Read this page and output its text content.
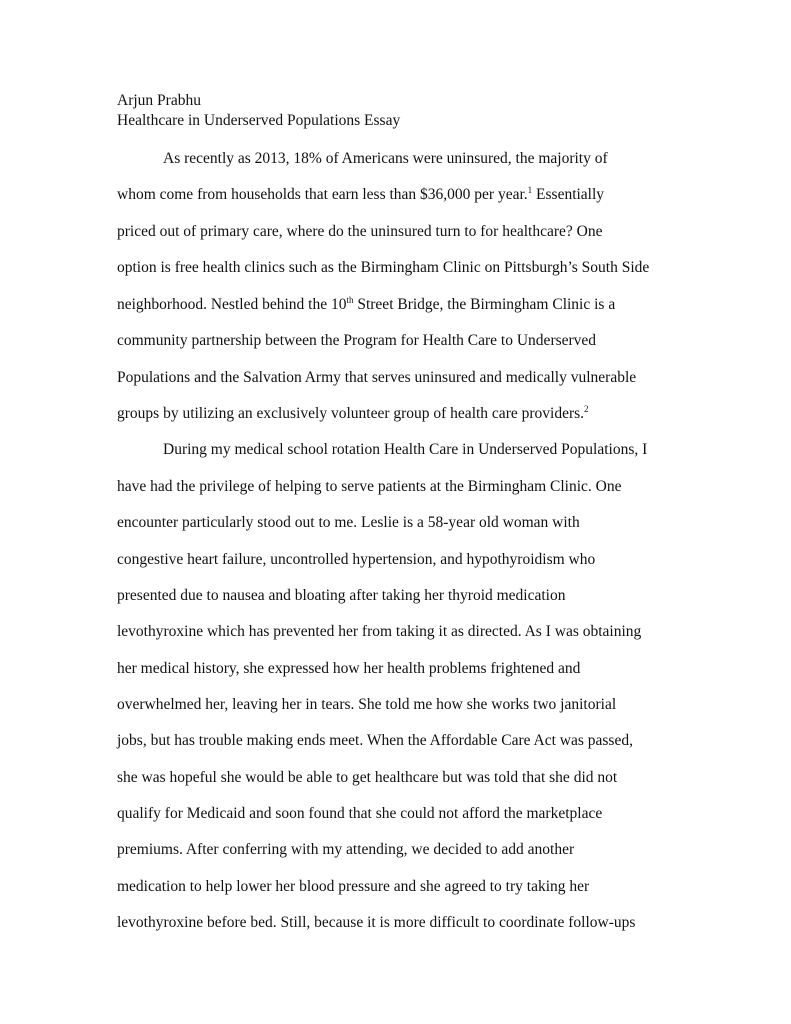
Arjun Prabhu
Healthcare in Underserved Populations Essay
As recently as 2013, 18% of Americans were uninsured, the majority of
whom come from households that earn less than $36,000 per year.$^1$ Essentially
priced out of primary care, where do the uninsured turn to for healthcare? One
option is free health clinics such as the Birmingham Clinic on Pittsburgh’s South Side
neighborhood. Nestled behind the 10th Street Bridge, the Birmingham Clinic is a
community partnership between the Program for Health Care to Underserved
Populations and the Salvation Army that serves uninsured and medically vulnerable
groups by utilizing an exclusively volunteer group of health care providers.$^2$
During my medical school rotation Health Care in Underserved Populations, I
have had the privilege of helping to serve patients at the Birmingham Clinic. One
encounter particularly stood out to me. Leslie is a 58-year old woman with
congestive heart failure, uncontrolled hypertension, and hypothyroidism who
presented due to nausea and bloating after taking her thyroid medication
levothyroxine which has prevented her from taking it as directed. As I was obtaining
her medical history, she expressed how her health problems frightened and
overwhelmed her, leaving her in tears. She told me how she works two janitorial
jobs, but has trouble making ends meet. When the Affordable Care Act was passed,
she was hopeful she would be able to get healthcare but was told that she did not
qualify for Medicaid and soon found that she could not afford the marketplace
premiums. After conferring with my attending, we decided to add another
medication to help lower her blood pressure and she agreed to try taking her
levothyroxine before bed. Still, because it is more difficult to coordinate follow-ups
